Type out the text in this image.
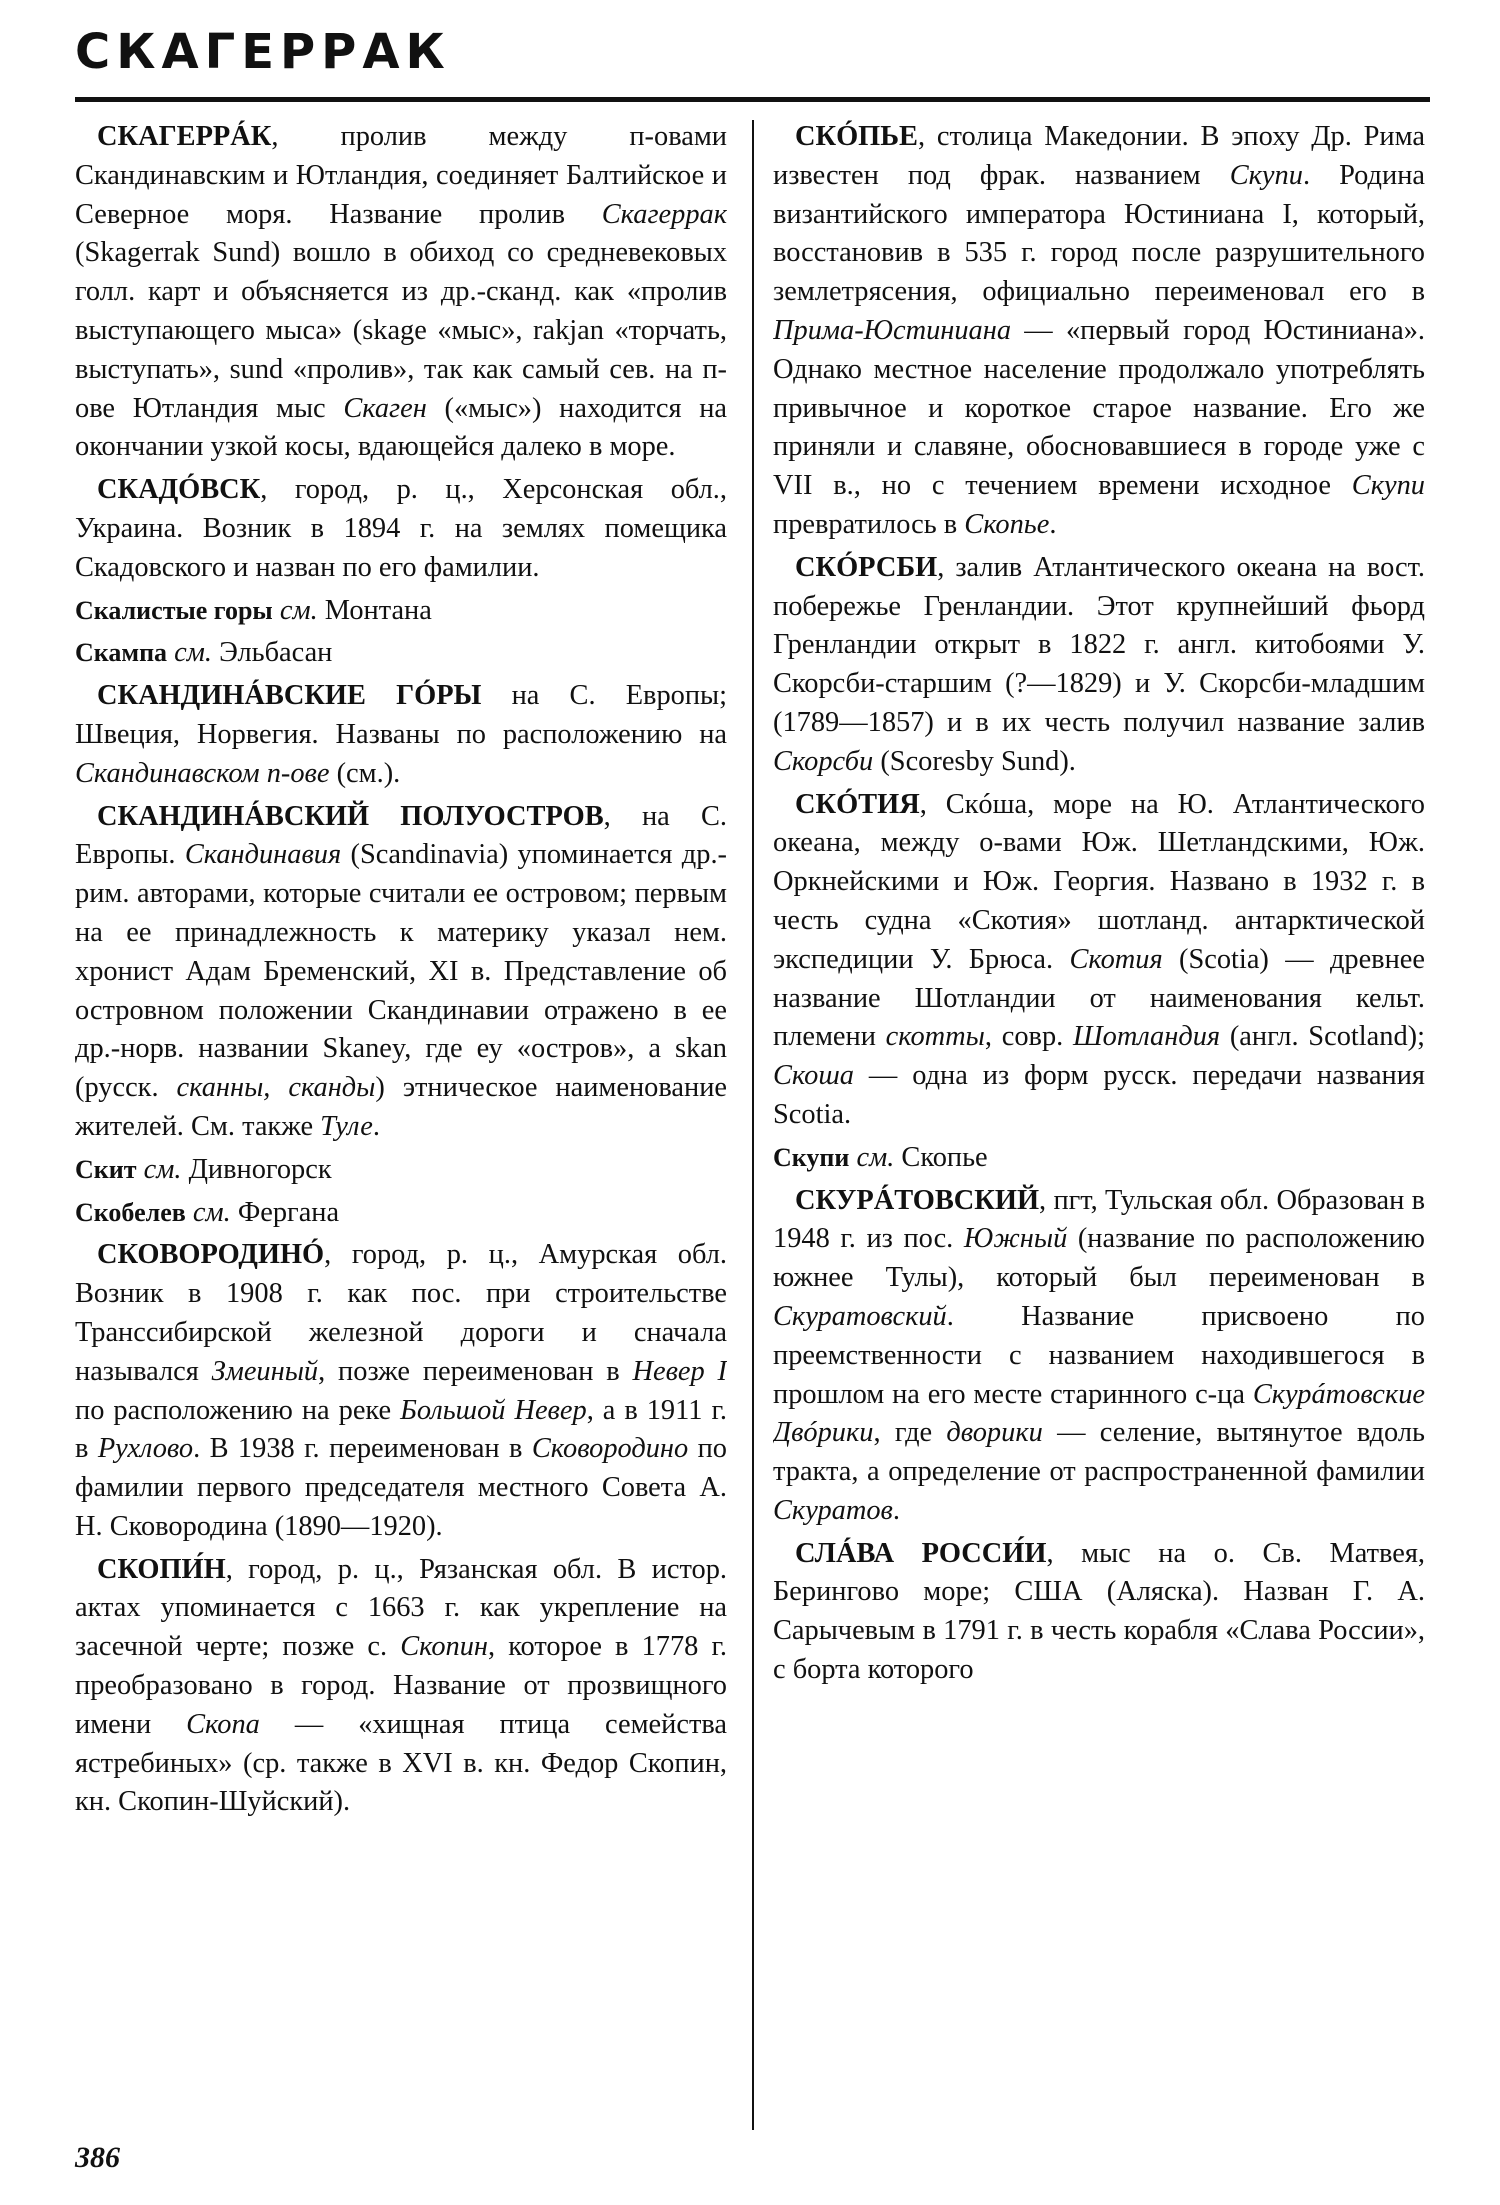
СКАГЕРРАК

СКАГЕРРÁК, пролив между п-овами Скандинавским и Ютландия, соединяет Балтийское и Северное моря. Название пролив Скагеррак (Skagerrak Sund) вошло в обиход со средневековых голл. карт и объясняется из др.-сканд. как «пролив выступающего мыса» (skage «мыс», rakjan «торчать, выступать», sund «пролив», так как самый сев. на п-ове Ютландия мыс Скаген («мыс») находится на окончании узкой косы, вдающейся далеко в море.

СКАДÓВСК, город, р. ц., Херсонская обл., Украина. Возник в 1894 г. на землях помещика Скадовского и назван по его фамилии.

Скалистые горы см. Монтана

Скампа см. Эльбасан

СКАНДИНÁВСКИЕ ГÓРЫ на С. Европы; Швеция, Норвегия. Названы по расположению на Скандинавском п-ове (см.).

СКАНДИНÁВСКИЙ ПОЛУОСТРОВ, на С. Европы. Скандинавия (Scandinavia) упоминается др.-рим. авторами, которые считали ее островом; первым на ее принадлежность к материку указал нем. хронист Адам Бременский, XI в. Представление об островном положении Скандинавии отражено в ее др.-норв. названии Skaney, где еу «остров», а skan (русск. сканны, сканды) этническое наименование жителей. См. также Туле.

Скит см. Дивногорск

Скобелев см. Фергана

СКОВОРОДИНÓ, город, р. ц., Амурская обл. Возник в 1908 г. как пос. при строительстве Транссибирской железной дороги и сначала назывался Змеиный, позже переименован в Невер I по расположению на реке Большой Невер, а в 1911 г. в Рухлово. В 1938 г. переименован в Сковородино по фамилии первого председателя местного Совета А. Н. Сковородина (1890—1920).

СКОПИ́Н, город, р. ц., Рязанская обл. В истор. актах упоминается с 1663 г. как укрепление на засечной черте; позже с. Скопин, которое в 1778 г. преобразовано в город. Название от прозвищного имени Скопа — «хищная птица семейства ястребиных» (ср. также в XVI в. кн. Федор Скопин, кн. Скопин-Шуйский).

СКÓПЬЕ, столица Македонии. В эпоху Др. Рима известен под фрак. названием Скупи. Родина византийского императора Юстиниана I, который, восстановив в 535 г. город после разрушительного землетрясения, официально переименовал его в Прима-Юстиниана — «первый город Юстиниана». Однако местное население продолжало употреблять привычное и короткое старое название. Его же приняли и славяне, обосновавшиеся в городе уже с VII в., но с течением времени исходное Скупи превратилось в Скопье.

СКÓРСБИ, залив Атлантического океана на вост. побережье Гренландии. Этот крупнейший фьорд Гренландии открыт в 1822 г. англ. китобоями У. Скорсби-старшим (?—1829) и У. Скорсби-младшим (1789—1857) и в их честь получил название залив Скорсби (Scoresby Sund).

СКÓТИЯ, Скóша, море на Ю. Атлантического океана, между о-вами Юж. Шетландскими, Юж. Оркнейскими и Юж. Георгия. Названо в 1932 г. в честь судна «Скотия» шотланд. антарктической экспедиции У. Брюса. Скотия (Scotia) — древнее название Шотландии от наименования кельт. племени скотты, совр. Шотландия (англ. Scotland); Скоша — одна из форм русск. передачи названия Scotia.

Скупи см. Скопье

СКУРÁТОВСКИЙ, пгт, Тульская обл. Образован в 1948 г. из пос. Южный (название по расположению южнее Тулы), который был переименован в Скуратовский. Название присвоено по преемственности с названием находившегося в прошлом на его месте старинного с-ца Скурáтовские Двóрики, где дворики — селение, вытянутое вдоль тракта, а определение от распространенной фамилии Скуратов.

СЛÁВА РОССИ́И, мыс на о. Св. Матвея, Берингово море; США (Аляска). Назван Г. А. Сарычевым в 1791 г. в честь корабля «Слава России», с борта которого

386
